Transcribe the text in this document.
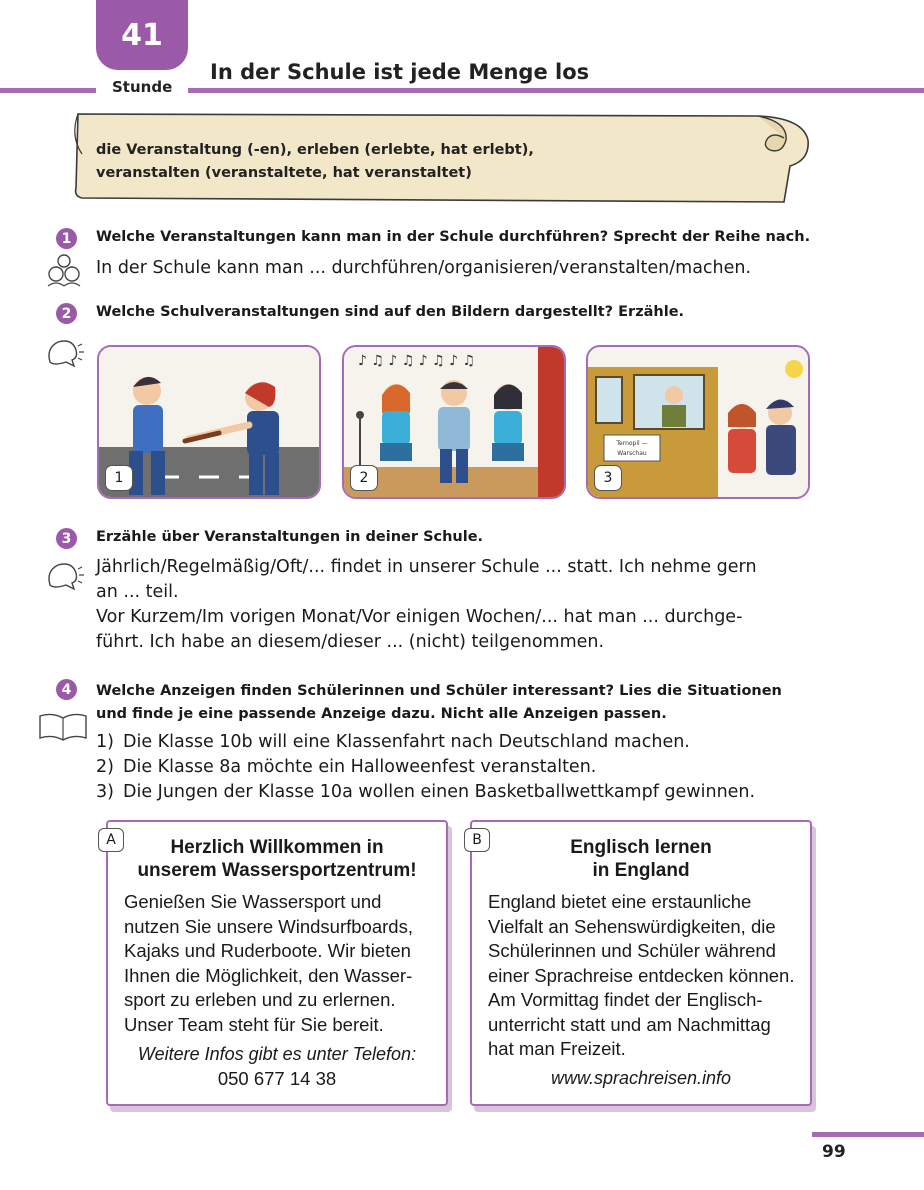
41
Stunde
In der Schule ist jede Menge los
die Veranstaltung (-en), erleben (erlebte, hat erlebt),
veranstalten (veranstaltete, hat veranstaltet)
1	Welche Veranstaltungen kann man in der Schule durchführen? Sprecht der Reihe nach.
In der Schule kann man ... durchführen/organisieren/veranstalten/machen.
2	Welche Schulveranstaltungen sind auf den Bildern dargestellt? Erzähle.
1
♪ ♫ ♪ ♫ ♪ ♫ ♪ ♫
2
Ternopil —
Warschau
3
3	Erzähle über Veranstaltungen in deiner Schule.
Jährlich/Regelmäßig/Oft/... findet in unserer Schule ... statt. Ich nehme gern
an ... teil.
Vor Kurzem/Im vorigen Monat/Vor einigen Wochen/... hat man ... durchge-
führt. Ich habe an diesem/dieser ... (nicht) teilgenommen.
4	Welche Anzeigen finden Schülerinnen und Schüler interessant? Lies die Situationen
und finde je eine passende Anzeige dazu. Nicht alle Anzeigen passen.
1) Die Klasse 10b will eine Klassenfahrt nach Deutschland machen.
2) Die Klasse 8a möchte ein Halloweenfest veranstalten.
3) Die Jungen der Klasse 10a wollen einen Basketballwettkampf gewinnen.
A	Herzlich Willkommen in
unserem Wassersportzentrum!
Genießen Sie Wassersport und
nutzen Sie unsere Windsurfboards,
Kajaks und Ruderboote. Wir bieten
Ihnen die Möglichkeit, den Wasser-
sport zu erleben und zu erlernen.
Unser Team steht für Sie bereit.
Weitere Infos gibt es unter Telefon:
050 677 14 38
B	Englisch lernen
in England
England bietet eine erstaunliche
Vielfalt an Sehenswürdigkeiten, die
Schülerinnen und Schüler während
einer Sprachreise entdecken können.
Am Vormittag findet der Englisch-
unterricht statt und am Nachmittag
hat man Freizeit.
www.sprachreisen.info
99
